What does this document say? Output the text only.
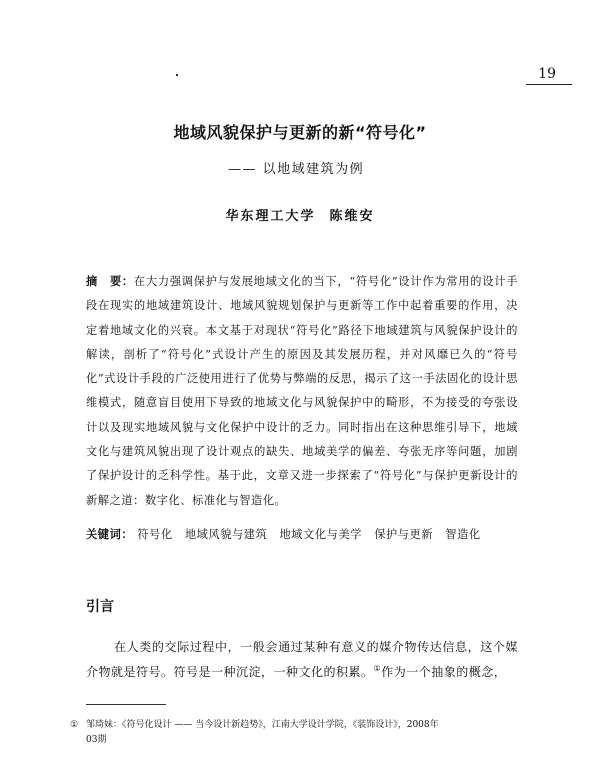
19
地域风貌保护与更新的新“符号化”
—— 以地域建筑为例
华东理工大学 陈维安
摘　要：在大力强调保护与发展地域文化的当下，“符号化”设计作为常用的设计手段在现实的地域建筑设计、地域风貌规划保护与更新等工作中起着重要的作用，决定着地域文化的兴衰。本文基于对现状“符号化”路径下地域建筑与风貌保护设计的解读，剖析了“符号化”式设计产生的原因及其发展历程，并对风靡已久的“符号化”式设计手段的广泛使用进行了优势与弊端的反思，揭示了这一手法固化的设计思维模式，随意盲目使用下导致的地域文化与风貌保护中的畸形，不为接受的夸张设计以及现实地域风貌与文化保护中设计的乏力。同时指出在这种思维引导下，地域文化与建筑风貌出现了设计观点的缺失、地域美学的偏差、夸张无序等问题，加剧了保护设计的乏科学性。基于此，文章又进一步探索了“符号化”与保护更新设计的新解之道：数字化、标准化与智造化。
关键词： 符号化 地域风貌与建筑 地域文化与美学 保护与更新 智造化
引言
在人类的交际过程中，一般会通过某种有意义的媒介物传达信息，这个媒介物就是符号。符号是一种沉淀，一种文化的积累。①作为一个抽象的概念，
① 邹琦妹：《符号化设计 —— 当今设计新趋势》，江南大学设计学院，《装饰设计》，2008年
03期
